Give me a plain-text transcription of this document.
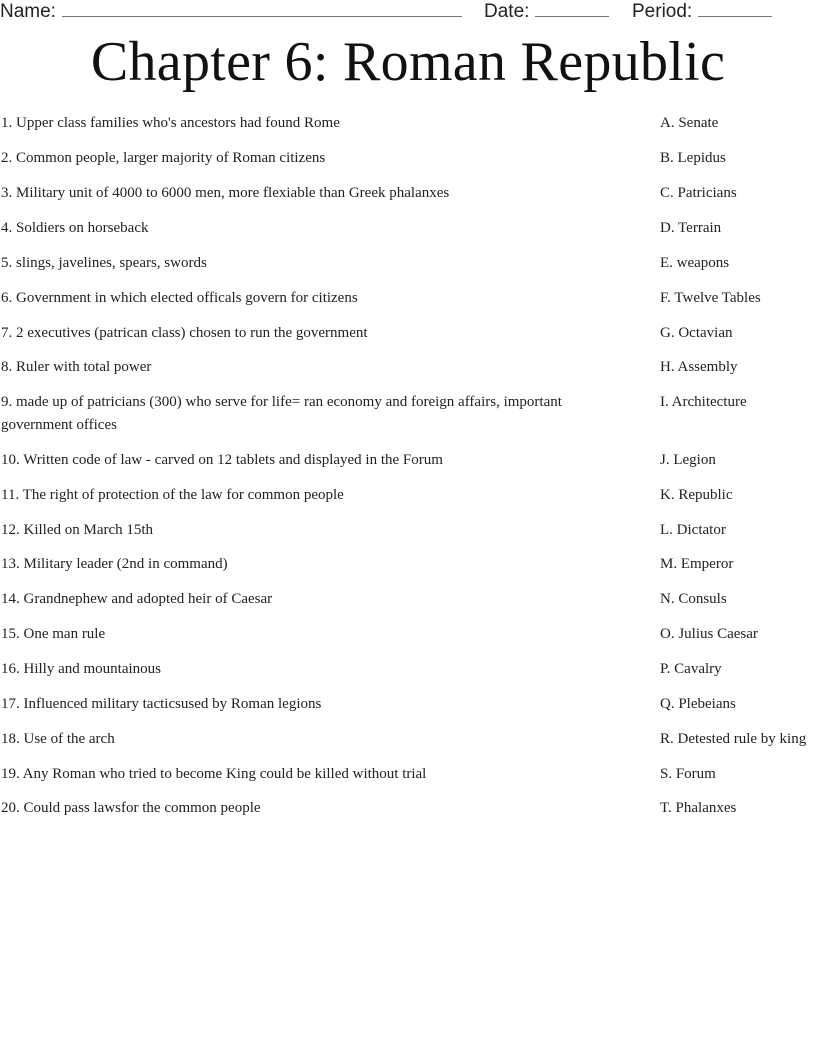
Name:	Date:	Period:
Chapter 6: Roman Republic
1. Upper class families who's ancestors had found Rome
2. Common people, larger majority of Roman citizens
3. Military unit of 4000 to 6000 men, more flexiable than Greek phalanxes
4. Soldiers on horseback
5. slings, javelines, spears, swords
6. Government in which elected officals govern for citizens
7. 2 executives (patrican class) chosen to run the government
8. Ruler with total power
9. made up of patricians (300) who serve for life= ran economy and foreign affairs, important government offices
10. Written code of law - carved on 12 tablets and displayed in the Forum
11. The right of protection of the law for common people
12. Killed on March 15th
13. Military leader (2nd in command)
14. Grandnephew and adopted heir of Caesar
15. One man rule
16. Hilly and mountainous
17. Influenced military tacticsused by Roman legions
18. Use of the arch
19. Any Roman who tried to become King could be killed without trial
20. Could pass lawsfor the common people
A. Senate
B. Lepidus
C. Patricians
D. Terrain
E. weapons
F. Twelve Tables
G. Octavian
H. Assembly
I. Architecture
J. Legion
K. Republic
L. Dictator
M. Emperor
N. Consuls
O. Julius Caesar
P. Cavalry
Q. Plebeians
R. Detested rule by king
S. Forum
T. Phalanxes
